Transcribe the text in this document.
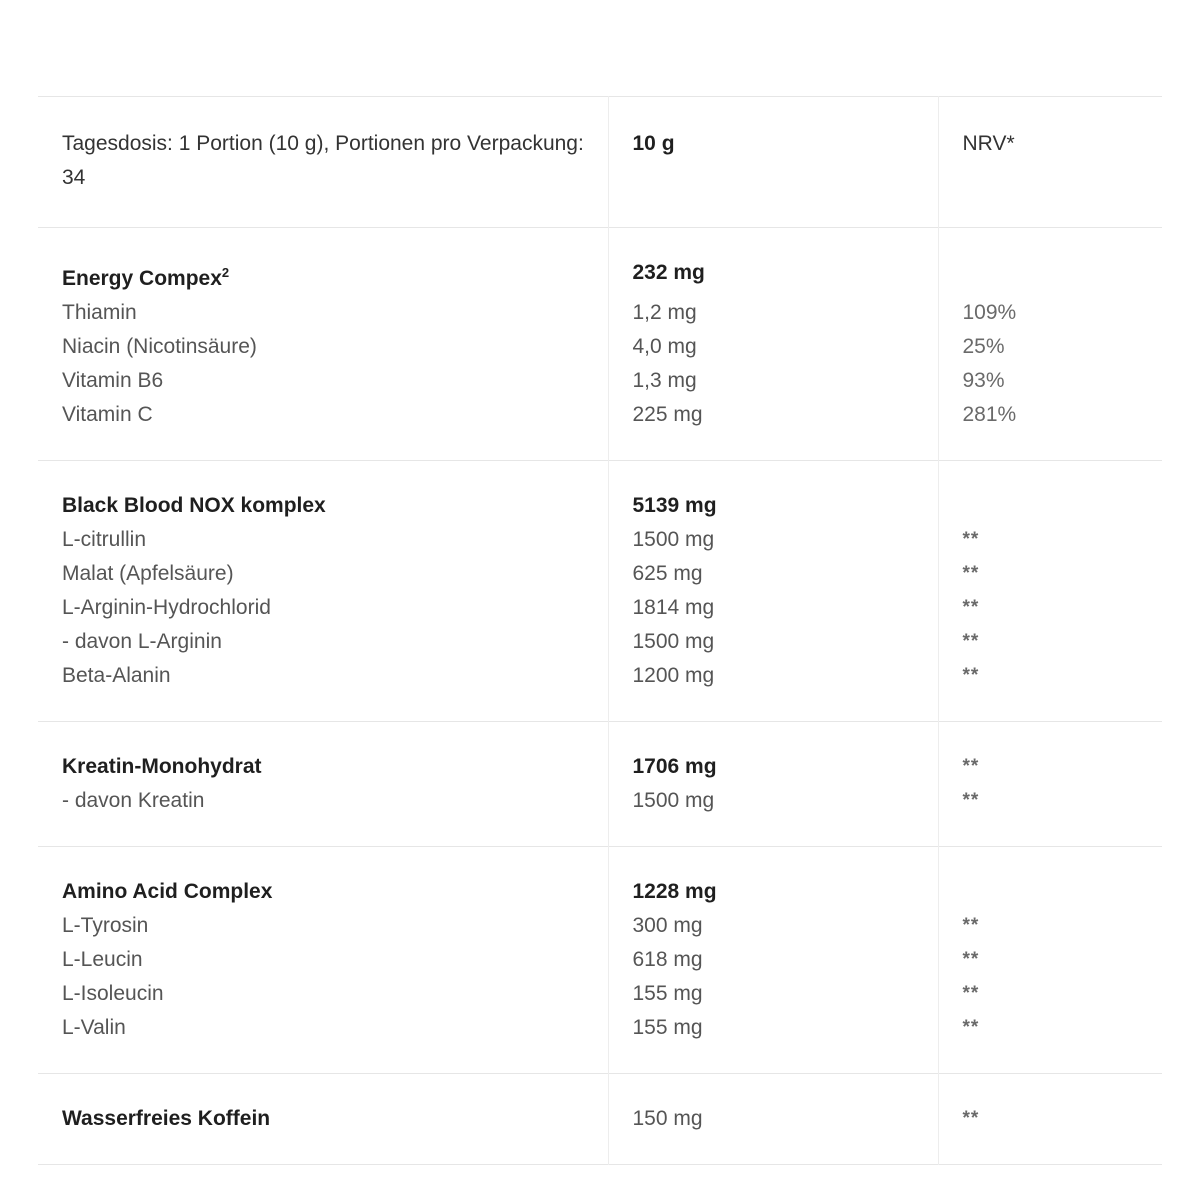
Tagesdosis: 1 Portion (10 g), Portionen pro Verpackung: 34	10 g	NRV*
Energy Compex$^2$	232 mg	

Thiamin	1,2 mg	109%

Niacin (Nicotinsäure)	4,0 mg	25%

Vitamin B6	1,3 mg	93%

Vitamin C	225 mg	281%

Black Blood NOX komplex	5139 mg	

L-citrullin	1500 mg	**

Malat (Apfelsäure)	625 mg	**

L-Arginin-Hydrochlorid	1814 mg	**

- davon L-Arginin	1500 mg	**

Beta-Alanin	1200 mg	**

Kreatin-Monohydrat	1706 mg	**

- davon Kreatin	1500 mg	**

Amino Acid Complex	1228 mg	

L-Tyrosin	300 mg	**

L-Leucin	618 mg	**

L-Isoleucin	155 mg	**

L-Valin	155 mg	**

Wasserfreies Koffein	150 mg	**
